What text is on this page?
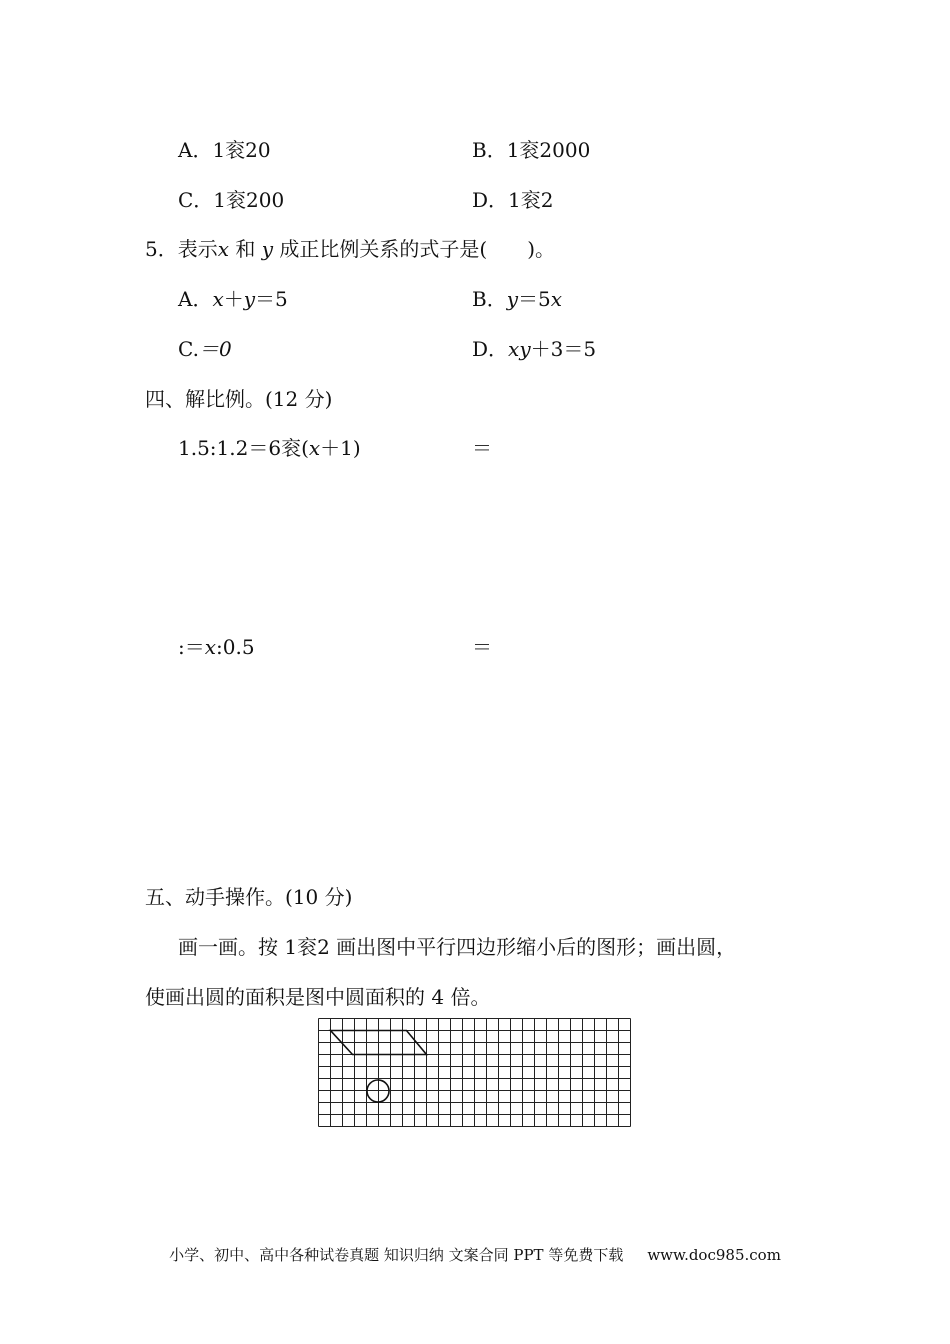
A．1衮20	B．1衮2000
C．1衮200	D．1衮2
5．表示x 和 y 成正比例关系的式子是(　　)。
A．x＋y＝5	B．y＝5x
C.＝0	D．xy＋3＝5
四、解比例。(12 分)
1.5:1.2＝6衮(x＋1)	＝
:＝x:0.5	＝
五、动手操作。(10 分)
画一画。按 1衮2 画出图中平行四边形缩小后的图形；画出圆，
使画出圆的面积是图中圆面积的 4 倍。
小学、初中、高中各种试卷真题 知识归纳 文案合同 PPT 等免费下载 www.doc985.com
